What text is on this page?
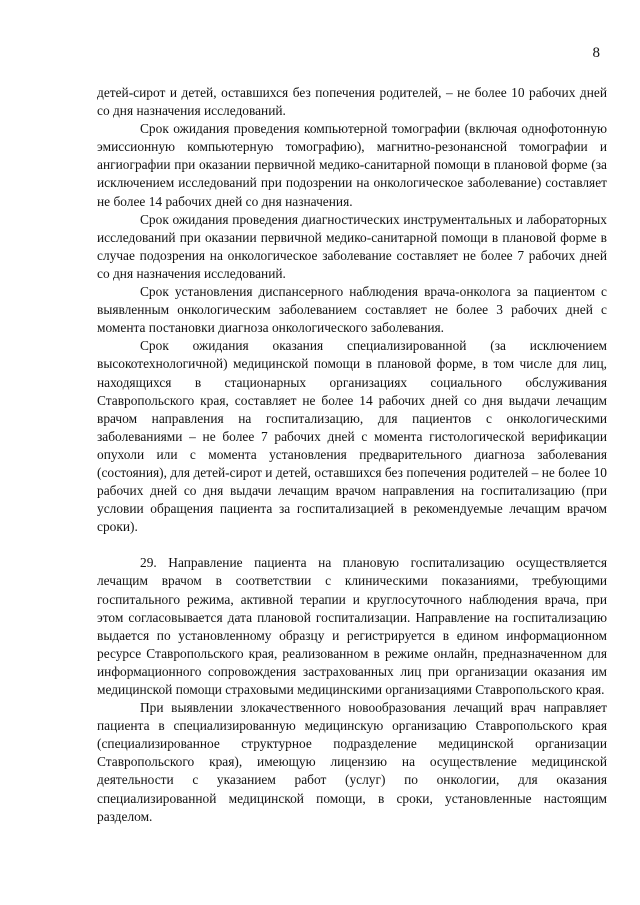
8

детей-сирот и детей, оставшихся без попечения родителей, – не более 10 рабочих дней со дня назначения исследований.

Срок ожидания проведения компьютерной томографии (включая однофотонную эмиссионную компьютерную томографию), магнитно-резонансной томографии и ангиографии при оказании первичной медико-санитарной помощи в плановой форме (за исключением исследований при подозрении на онкологическое заболевание) составляет не более 14 рабочих дней со дня назначения.

Срок ожидания проведения диагностических инструментальных и лабораторных исследований при оказании первичной медико-санитарной помощи в плановой форме в случае подозрения на онкологическое заболевание составляет не более 7 рабочих дней со дня назначения исследований.

Срок установления диспансерного наблюдения врача-онколога за пациентом с выявленным онкологическим заболеванием составляет не более 3 рабочих дней с момента постановки диагноза онкологического заболевания.

Срок ожидания оказания специализированной (за исключением высокотехнологичной) медицинской помощи в плановой форме, в том числе для лиц, находящихся в стационарных организациях социального обслуживания Ставропольского края, составляет не более 14 рабочих дней со дня выдачи лечащим врачом направления на госпитализацию, для пациентов с онкологическими заболеваниями – не более 7 рабочих дней с момента гистологической верификации опухоли или с момента установления предварительного диагноза заболевания (состояния), для детей-сирот и детей, оставшихся без попечения родителей – не более 10 рабочих дней со дня выдачи лечащим врачом направления на госпитализацию (при условии обращения пациента за госпитализацией в рекомендуемые лечащим врачом сроки).

29. Направление пациента на плановую госпитализацию осуществляется лечащим врачом в соответствии с клиническими показаниями, требующими госпитального режима, активной терапии и круглосуточного наблюдения врача, при этом согласовывается дата плановой госпитализации. Направление на госпитализацию выдается по установленному образцу и регистрируется в едином информационном ресурсе Ставропольского края, реализованном в режиме онлайн, предназначенном для информационного сопровождения застрахованных лиц при организации оказания им медицинской помощи страховыми медицинскими организациями Ставропольского края.

При выявлении злокачественного новообразования лечащий врач направляет пациента в специализированную медицинскую организацию Ставропольского края (специализированное структурное подразделение медицинской организации Ставропольского края), имеющую лицензию на осуществление медицинской деятельности с указанием работ (услуг) по онкологии, для оказания специализированной медицинской помощи, в сроки, установленные настоящим разделом.
